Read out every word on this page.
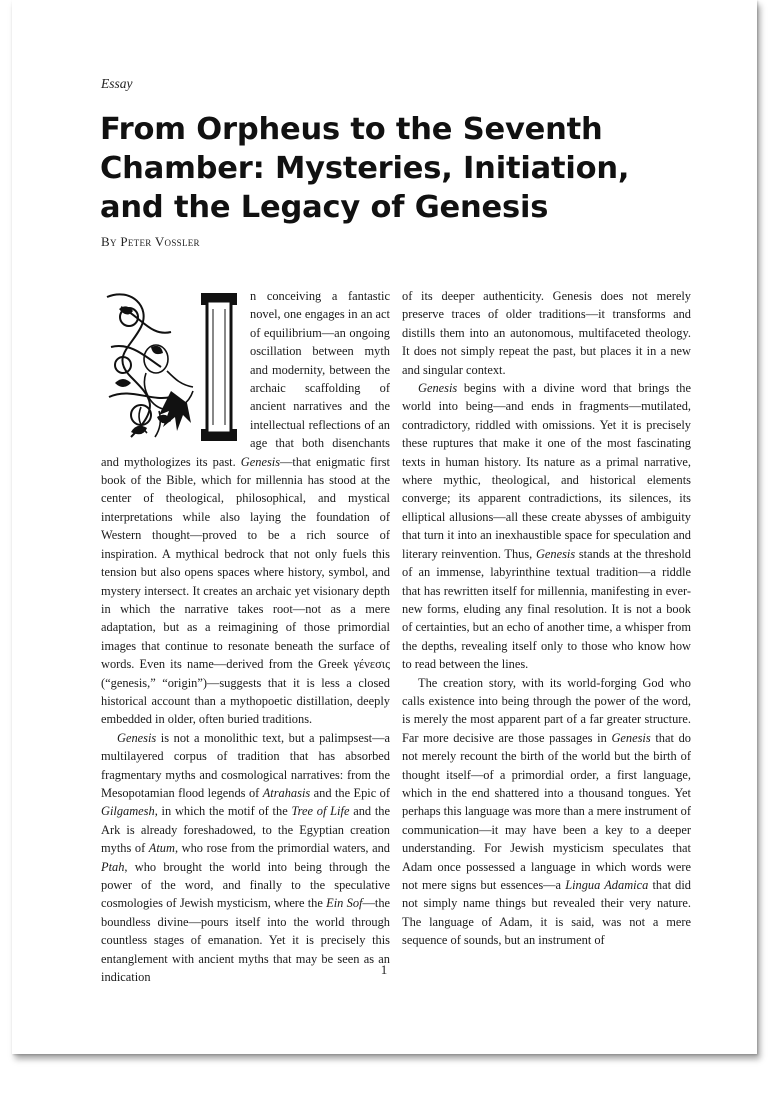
Essay
From Orpheus to the Seventh Chamber: Mysteries, Initiation, and the Legacy of Genesis
By Peter Vossler

n conceiving a fantastic novel, one engages in an act of equilibrium—an ongoing oscillation between myth and modernity, between the archaic scaffolding of ancient narratives and the intellectual reflections of an age that both disenchants and mythologizes its past. Genesis—that enigmatic first book of the Bible, which for millennia has stood at the center of theological, philosophical, and mystical interpretations while also laying the foundation of Western thought—proved to be a rich source of inspiration. A mythical bedrock that not only fuels this tension but also opens spaces where history, symbol, and mystery intersect. It creates an archaic yet visionary depth in which the narrative takes root—not as a mere adaptation, but as a reimagining of those primordial images that continue to resonate beneath the surface of words. Even its name—derived from the Greek γένεσις (“genesis,” “origin”)—suggests that it is less a closed historical account than a mythopoetic distillation, deeply embedded in older, often buried traditions.

Genesis is not a monolithic text, but a palimpsest—a multilayered corpus of tradition that has absorbed fragmentary myths and cosmological narratives: from the Mesopotamian flood legends of Atrahasis and the Epic of Gilgamesh, in which the motif of the Tree of Life and the Ark is already foreshadowed, to the Egyptian creation myths of Atum, who rose from the primordial waters, and Ptah, who brought the world into being through the power of the word, and finally to the speculative cosmologies of Jewish mysticism, where the Ein Sof—the boundless divine—pours itself into the world through countless stages of emanation. Yet it is precisely this entanglement with ancient myths that may be seen as an indication

of its deeper authenticity. Genesis does not merely preserve traces of older traditions—it transforms and distills them into an autonomous, multifaceted theology. It does not simply repeat the past, but places it in a new and singular context.

Genesis begins with a divine word that brings the world into being—and ends in fragments—mutilated, contradictory, riddled with omissions. Yet it is precisely these ruptures that make it one of the most fascinating texts in human history. Its nature as a primal narrative, where mythic, theological, and historical elements converge; its apparent contradictions, its silences, its elliptical allusions—all these create abysses of ambiguity that turn it into an inexhaustible space for speculation and literary reinvention. Thus, Genesis stands at the threshold of an immense, labyrinthine textual tradition—a riddle that has rewritten itself for millennia, manifesting in ever-new forms, eluding any final resolution. It is not a book of certainties, but an echo of another time, a whisper from the depths, revealing itself only to those who know how to read between the lines.

The creation story, with its world-forging God who calls existence into being through the power of the word, is merely the most apparent part of a far greater structure. Far more decisive are those passages in Genesis that do not merely recount the birth of the world but the birth of thought itself—of a primordial order, a first language, which in the end shattered into a thousand tongues. Yet perhaps this language was more than a mere instrument of communication—it may have been a key to a deeper understanding. For Jewish mysticism speculates that Adam once possessed a language in which words were not mere signs but essences—a Lingua Adamica that did not simply name things but revealed their very nature. The language of Adam, it is said, was not a mere sequence of sounds, but an instrument of

1
